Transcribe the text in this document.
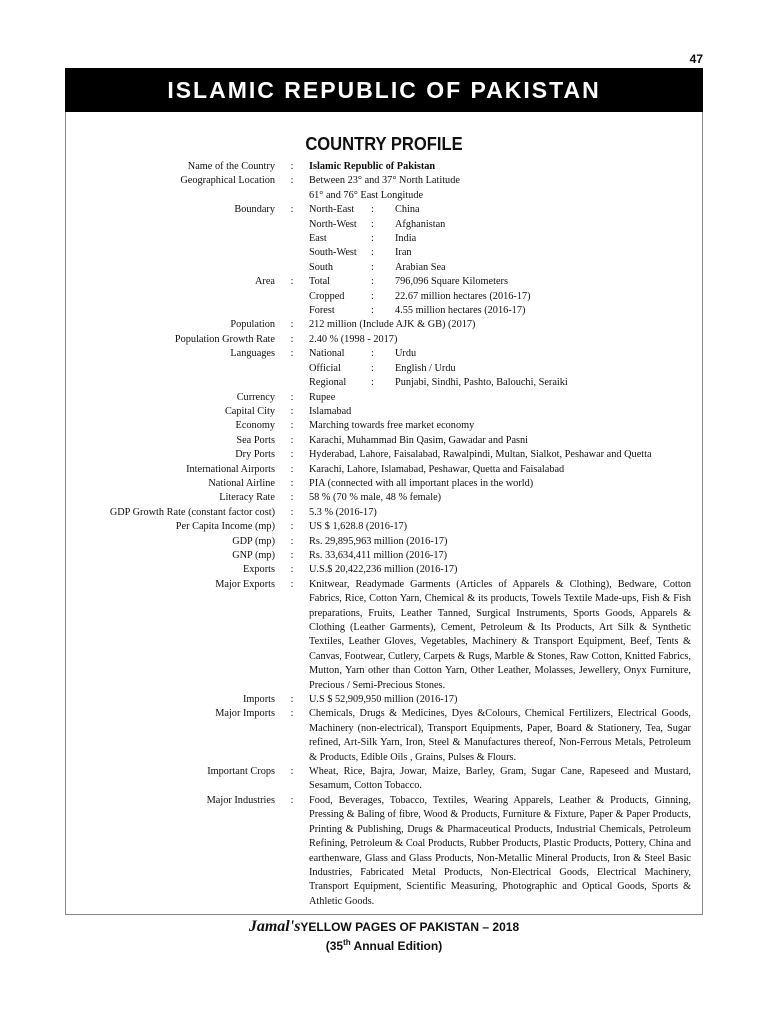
47
ISLAMIC REPUBLIC OF PAKISTAN
COUNTRY PROFILE
Name of the Country	:	Islamic Republic of Pakistan
Geographical Location	:	Between 23° and 37° North Latitude
61° and 76° East Longitude
Boundary	:	North-East	:	China
North-West	:	Afghanistan
East	:	India
South-West	:	Iran
South	:	Arabian Sea
Area	:	Total	:	796,096 Square Kilometers
Cropped	:	22.67 million hectares (2016-17)
Forest	:	4.55 million hectares (2016-17)
Population	:	212 million (Include AJK & GB) (2017)
Population Growth Rate	:	2.40 % (1998 - 2017)
Languages	:	National	:	Urdu
Official	:	English / Urdu
Regional	:	Punjabi, Sindhi, Pashto, Balouchi, Seraiki
Currency	:	Rupee
Capital City	:	Islamabad
Economy	:	Marching towards free market economy
Sea Ports	:	Karachi, Muhammad Bin Qasim, Gawadar and Pasni
Dry Ports	:	Hyderabad, Lahore, Faisalabad, Rawalpindi, Multan, Sialkot, Peshawar and Quetta
International Airports	:	Karachi, Lahore, Islamabad, Peshawar, Quetta and Faisalabad
National Airline	:	PIA (connected with all important places in the world)
Literacy Rate	:	58 % (70 % male, 48 % female)
GDP Growth Rate (constant factor cost)	:	5.3 % (2016-17)
Per Capita Income (mp)	:	US $ 1,628.8 (2016-17)
GDP (mp)	:	Rs. 29,895,963 million (2016-17)
GNP (mp)	:	Rs. 33,634,411 million (2016-17)
Exports	:	U.S.$ 20,422,236 million (2016-17)
Major Exports	:	Knitwear, Readymade Garments (Articles of Apparels & Clothing), Bedware, Cotton Fabrics, Rice, Cotton Yarn, Chemical & its products, Towels Textile Made-ups, Fish & Fish preparations, Fruits, Leather Tanned, Surgical Instruments, Sports Goods, Apparels & Clothing (Leather Garments), Cement, Petroleum & Its Products, Art Silk & Synthetic Textiles, Leather Gloves, Vegetables, Machinery & Transport Equipment, Beef, Tents & Canvas, Footwear, Cutlery, Carpets & Rugs, Marble & Stones, Raw Cotton, Knitted Fabrics, Mutton, Yarn other than Cotton Yarn, Other Leather, Molasses, Jewellery, Onyx Furniture, Precious / Semi-Precious Stones.
Imports	:	U.S $ 52,909,950 million (2016-17)
Major Imports	:	Chemicals, Drugs & Medicines, Dyes &Colours, Chemical Fertilizers, Electrical Goods, Machinery (non-electrical), Transport Equipments, Paper, Board & Stationery, Tea, Sugar refined, Art-Silk Yarn, Iron, Steel & Manufactures thereof, Non-Ferrous Metals, Petroleum & Products, Edible Oils , Grains, Pulses & Flours.
Important Crops	:	Wheat, Rice, Bajra, Jowar, Maize, Barley, Gram, Sugar Cane, Rapeseed and Mustard, Sesamum, Cotton Tobacco.
Major Industries	:	Food, Beverages, Tobacco, Textiles, Wearing Apparels, Leather & Products, Ginning, Pressing & Baling of fibre, Wood & Products, Furniture & Fixture, Paper & Paper Products, Printing & Publishing, Drugs & Pharmaceutical Products, Industrial Chemicals, Petroleum Refining, Petroleum & Coal Products, Rubber Products, Plastic Products, Pottery, China and earthenware, Glass and Glass Products, Non-Metallic Mineral Products, Iron & Steel Basic Industries, Fabricated Metal Products, Non-Electrical Goods, Electrical Machinery, Transport Equipment, Scientific Measuring, Photographic and Optical Goods, Sports & Athletic Goods.
Jamal'sYELLOW PAGES OF PAKISTAN – 2018
(35th Annual Edition)
